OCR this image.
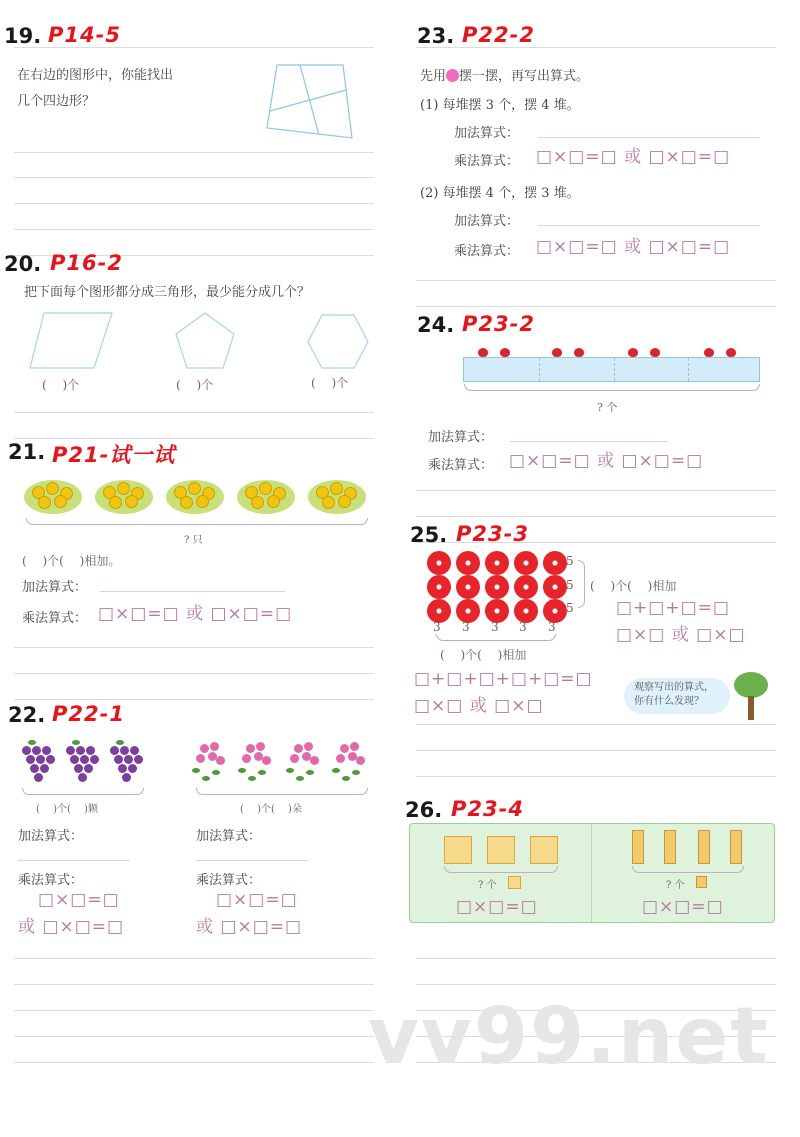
19. P14-5
在右边的图形中，你能找出
几个四边形？
20. P16-2
把下面每个图形都分成三角形，最少能分成几个？
(　 )个	(　 )个	(　 )个
21. P21-试一试
? 只
(　 )个(　 )相加。
加法算式：
乘法算式： □×□=□ 或 □×□=□
22. P22-1
(　 )个(　 )颗	(　 )个(　 )朵
加法算式：	加法算式：
乘法算式：	乘法算式：
□×□=□	□×□=□
或 □×□=□	或 □×□=□
23. P22-2
先用 摆一摆，再写出算式。
(1) 每堆摆 3 个，摆 4 堆。
加法算式：
乘法算式： □×□=□ 或 □×□=□
(2) 每堆摆 4 个，摆 3 堆。
加法算式：
乘法算式： □×□=□ 或 □×□=□
24. P23-2
? 个
加法算式：
乘法算式： □×□=□ 或 □×□=□
25. P23-3
5
5
5
3 3 3 3 3
(　 )个(　 )相加
□+□+□=□
□×□ 或 □×□
(　 )个(　 )相加
□+□+□+□+□=□
□×□ 或 □×□
观察写出的算式，
你有什么发现？
26. P23-4
? 个
□×□=□
? 个
□×□=□
vv99.net
